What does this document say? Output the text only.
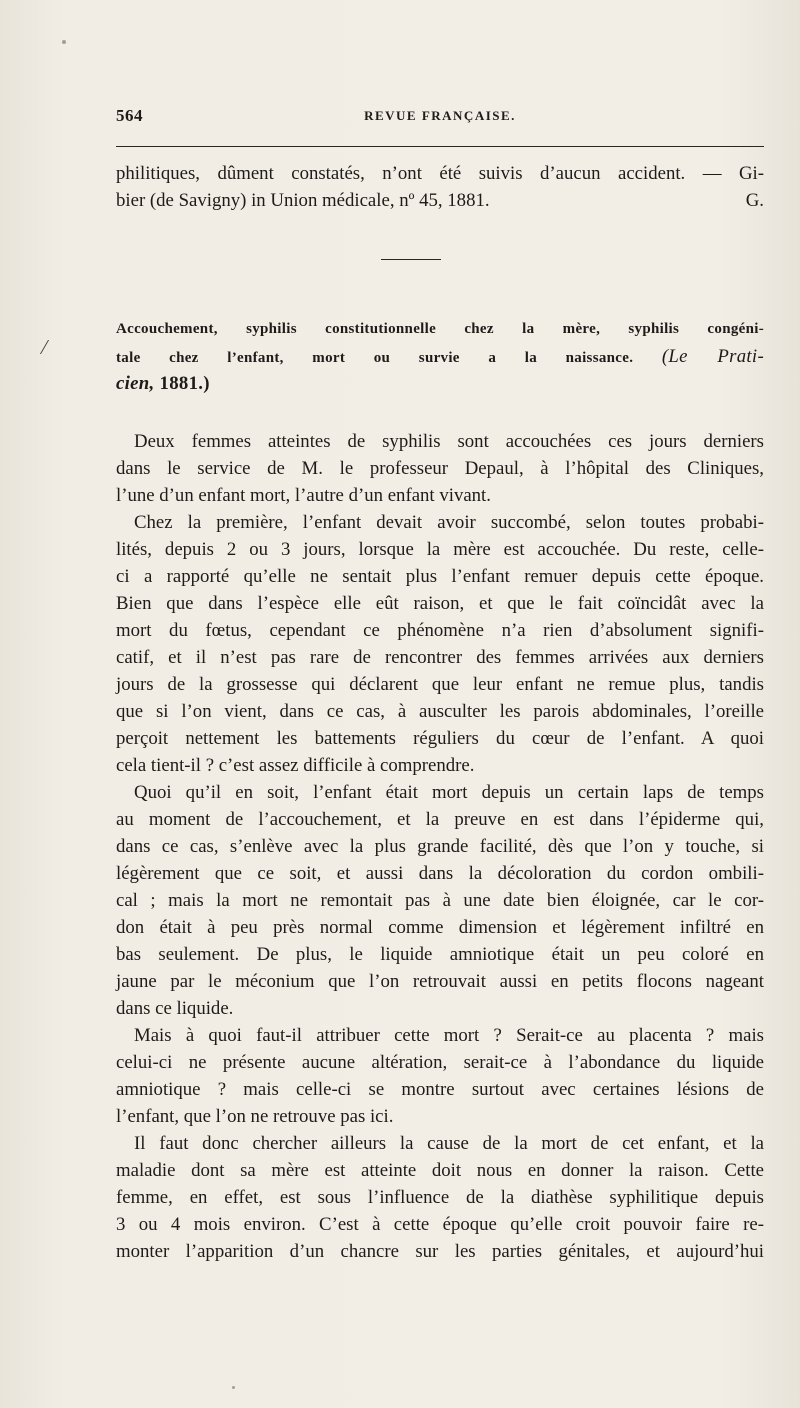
564	REVUE FRANÇAISE.
philitiques, dûment constatés, n’ont été suivis d’aucun accident. — Gi-
bier (de Savigny) in Union médicale, nº 45, 1881.	G.
Accouchement, syphilis constitutionnelle chez la mère, syphilis congéni-
tale chez l’enfant, mort ou survie a la naissance. (Le Prati-
cien, 1881.)
Deux femmes atteintes de syphilis sont accouchées ces jours derniers
dans le service de M. le professeur Depaul, à l’hôpital des Cliniques,
l’une d’un enfant mort, l’autre d’un enfant vivant.
Chez la première, l’enfant devait avoir succombé, selon toutes probabi-
lités, depuis 2 ou 3 jours, lorsque la mère est accouchée. Du reste, celle-
ci a rapporté qu’elle ne sentait plus l’enfant remuer depuis cette époque.
Bien que dans l’espèce elle eût raison, et que le fait coïncidât avec la
mort du fœtus, cependant ce phénomène n’a rien d’absolument signifi-
catif, et il n’est pas rare de rencontrer des femmes arrivées aux derniers
jours de la grossesse qui déclarent que leur enfant ne remue plus, tandis
que si l’on vient, dans ce cas, à ausculter les parois abdominales, l’oreille
perçoit nettement les battements réguliers du cœur de l’enfant. A quoi
cela tient-il ? c’est assez difficile à comprendre.
Quoi qu’il en soit, l’enfant était mort depuis un certain laps de temps
au moment de l’accouchement, et la preuve en est dans l’épiderme qui,
dans ce cas, s’enlève avec la plus grande facilité, dès que l’on y touche, si
légèrement que ce soit, et aussi dans la décoloration du cordon ombili-
cal ; mais la mort ne remontait pas à une date bien éloignée, car le cor-
don était à peu près normal comme dimension et légèrement infiltré en
bas seulement. De plus, le liquide amniotique était un peu coloré en
jaune par le méconium que l’on retrouvait aussi en petits flocons nageant
dans ce liquide.
Mais à quoi faut-il attribuer cette mort ? Serait-ce au placenta ? mais
celui-ci ne présente aucune altération, serait-ce à l’abondance du liquide
amniotique ? mais celle-ci se montre surtout avec certaines lésions de
l’enfant, que l’on ne retrouve pas ici.
Il faut donc chercher ailleurs la cause de la mort de cet enfant, et la
maladie dont sa mère est atteinte doit nous en donner la raison. Cette
femme, en effet, est sous l’influence de la diathèse syphilitique depuis
3 ou 4 mois environ. C’est à cette époque qu’elle croit pouvoir faire re-
monter l’apparition d’un chancre sur les parties génitales, et aujourd’hui
